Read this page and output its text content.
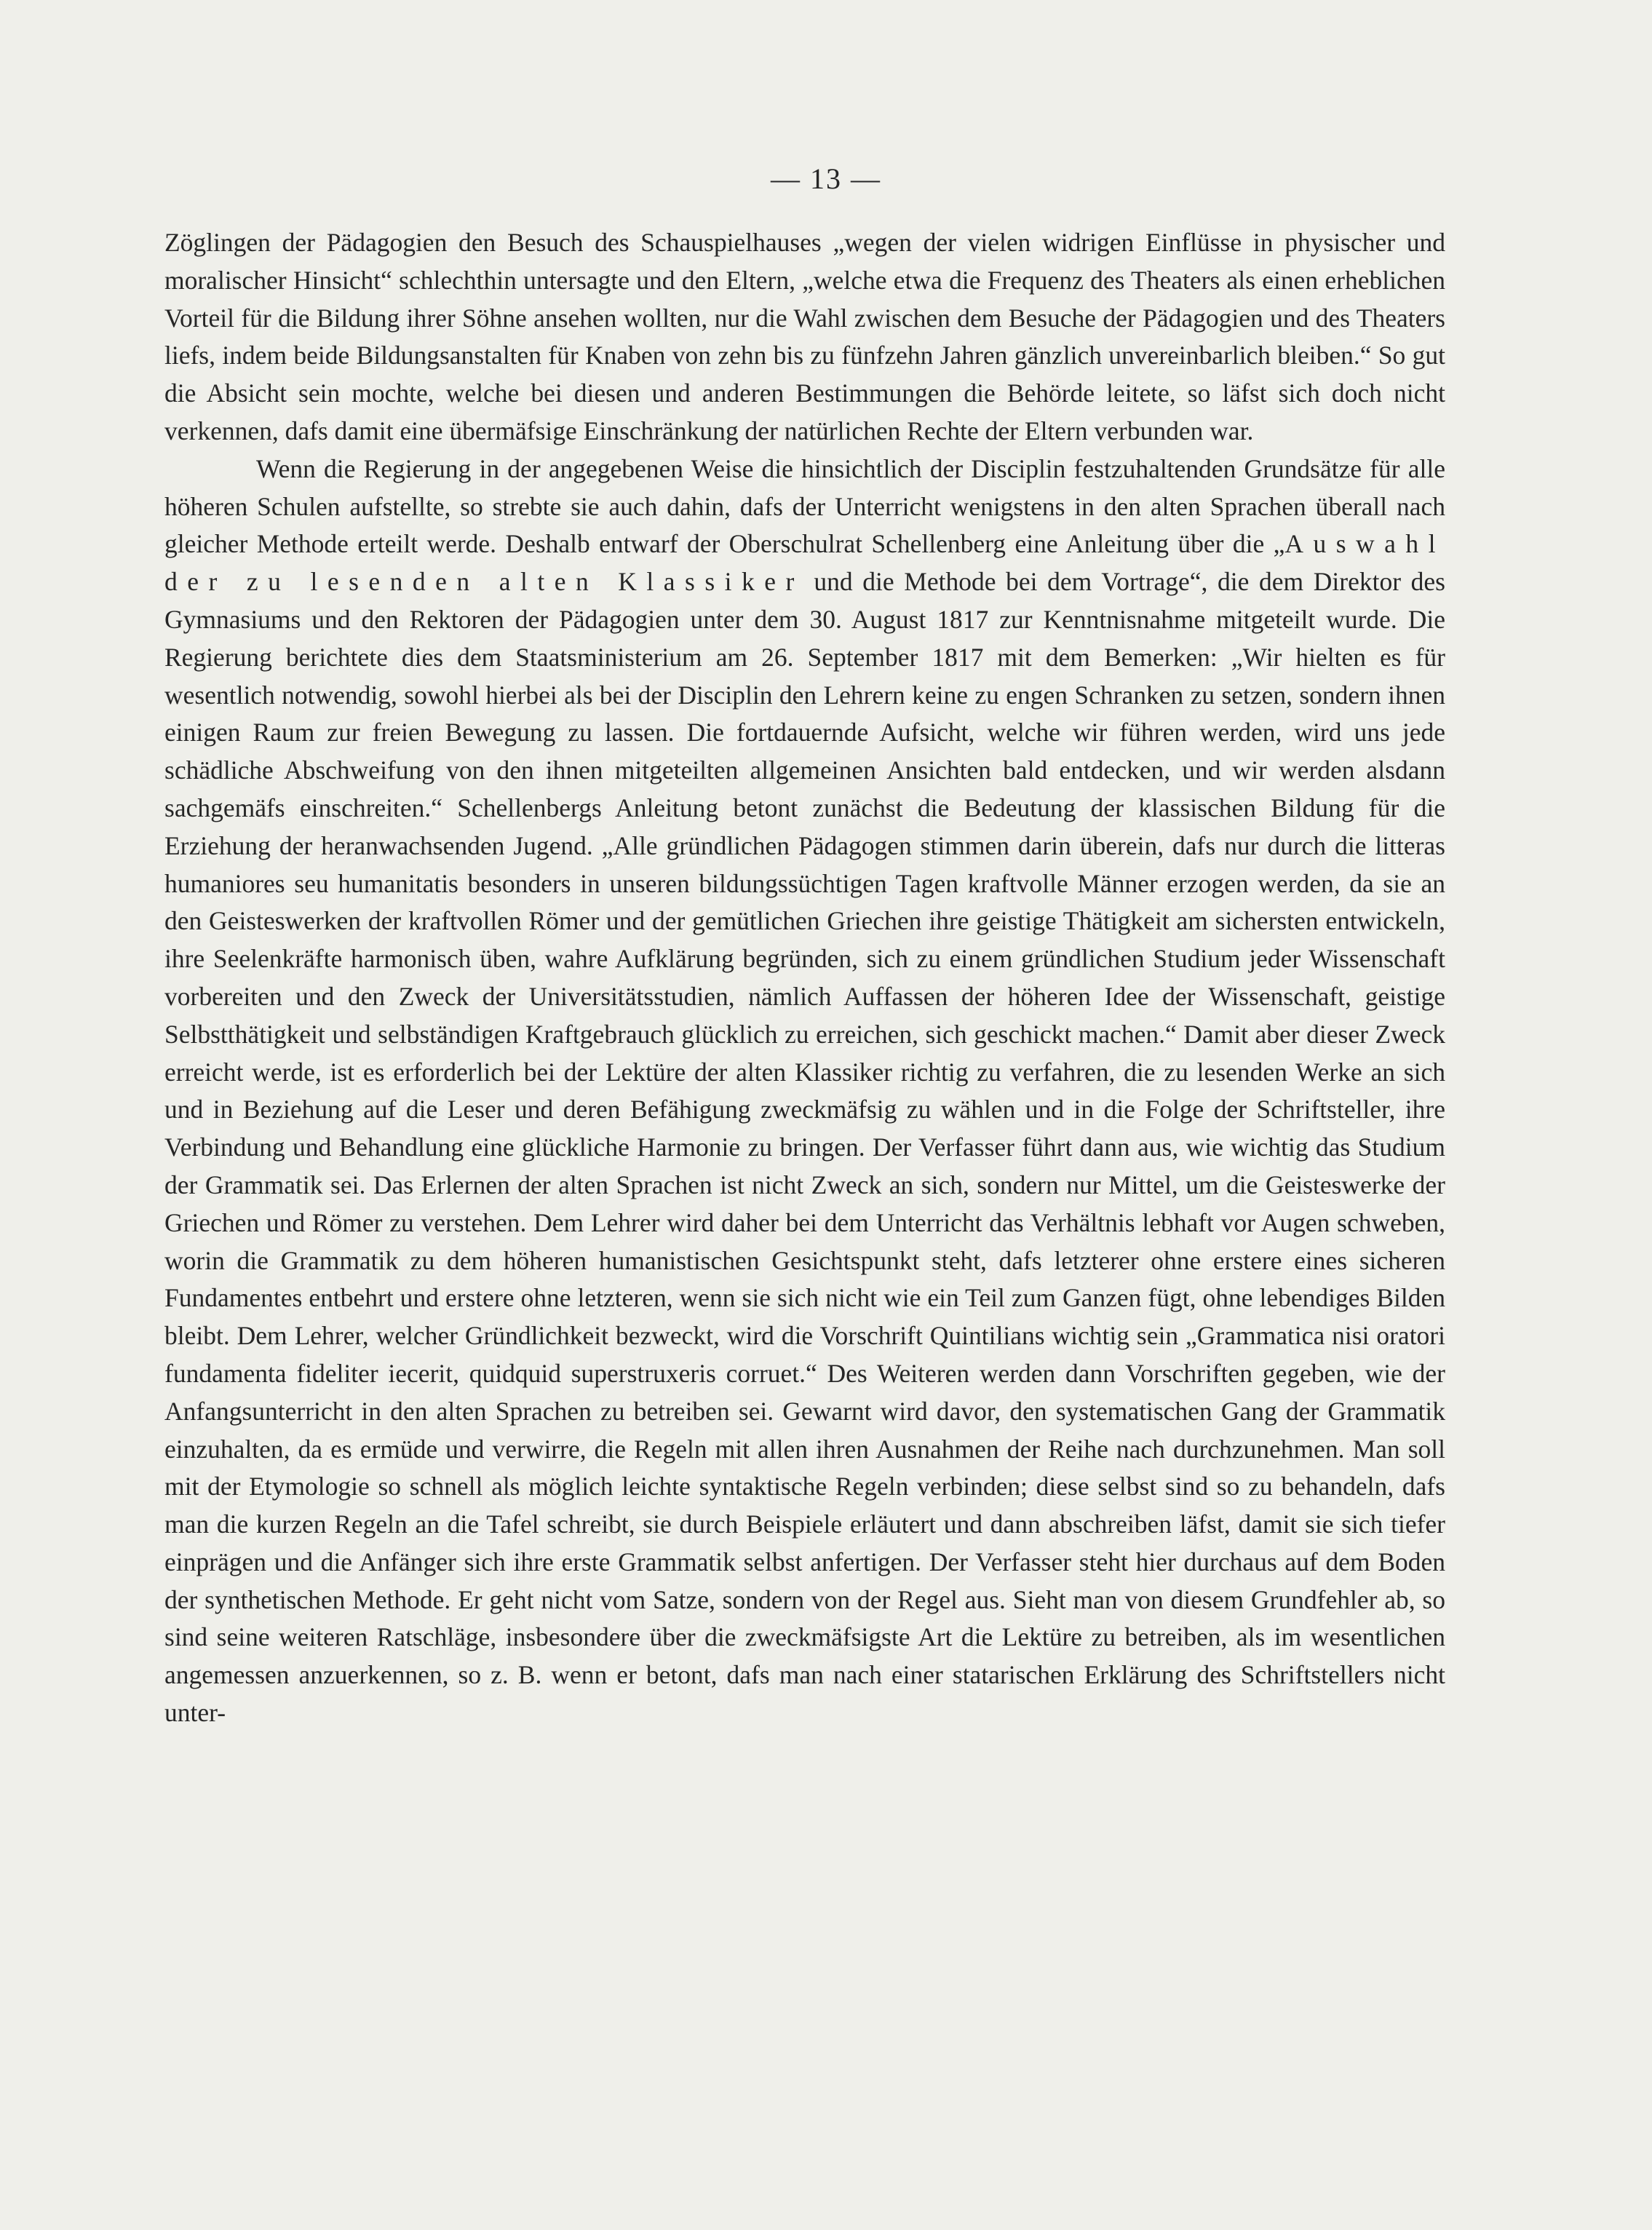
— 13 —

Zöglingen der Pädagogien den Besuch des Schauspielhauses „wegen der vielen widrigen Einflüsse in physischer und moralischer Hinsicht“ schlechthin untersagte und den Eltern, „welche etwa die Frequenz des Theaters als einen erheblichen Vorteil für die Bildung ihrer Söhne ansehen wollten, nur die Wahl zwischen dem Besuche der Pädagogien und des Theaters liefs, indem beide Bildungsanstalten für Knaben von zehn bis zu fünfzehn Jahren gänzlich unvereinbarlich bleiben.“ So gut die Absicht sein mochte, welche bei diesen und anderen Bestimmungen die Behörde leitete, so läfst sich doch nicht verkennen, dafs damit eine übermäfsige Einschränkung der natürlichen Rechte der Eltern verbunden war.

Wenn die Regierung in der angegebenen Weise die hinsichtlich der Disciplin festzuhaltenden Grundsätze für alle höheren Schulen aufstellte, so strebte sie auch dahin, dafs der Unterricht wenigstens in den alten Sprachen überall nach gleicher Methode erteilt werde. Deshalb entwarf der Oberschulrat Schellenberg eine Anleitung über die „Auswahl der zu lesenden alten Klassiker und die Methode bei dem Vortrage“, die dem Direktor des Gymnasiums und den Rektoren der Pädagogien unter dem 30. August 1817 zur Kenntnisnahme mitgeteilt wurde. Die Regierung berichtete dies dem Staatsministerium am 26. September 1817 mit dem Bemerken: „Wir hielten es für wesentlich notwendig, sowohl hierbei als bei der Disciplin den Lehrern keine zu engen Schranken zu setzen, sondern ihnen einigen Raum zur freien Bewegung zu lassen. Die fortdauernde Aufsicht, welche wir führen werden, wird uns jede schädliche Abschweifung von den ihnen mitgeteilten allgemeinen Ansichten bald entdecken, und wir werden alsdann sachgemäfs einschreiten.“ Schellenbergs Anleitung betont zunächst die Bedeutung der klassischen Bildung für die Erziehung der heranwachsenden Jugend. „Alle gründlichen Pädagogen stimmen darin überein, dafs nur durch die litteras humaniores seu humanitatis besonders in unseren bildungssüchtigen Tagen kraftvolle Männer erzogen werden, da sie an den Geisteswerken der kraftvollen Römer und der gemütlichen Griechen ihre geistige Thätigkeit am sichersten entwickeln, ihre Seelenkräfte harmonisch üben, wahre Aufklärung begründen, sich zu einem gründlichen Studium jeder Wissenschaft vorbereiten und den Zweck der Universitätsstudien, nämlich Auffassen der höheren Idee der Wissenschaft, geistige Selbstthätigkeit und selbständigen Kraftgebrauch glücklich zu erreichen, sich geschickt machen.“ Damit aber dieser Zweck erreicht werde, ist es erforderlich bei der Lektüre der alten Klassiker richtig zu verfahren, die zu lesenden Werke an sich und in Beziehung auf die Leser und deren Befähigung zweckmäfsig zu wählen und in die Folge der Schriftsteller, ihre Verbindung und Behandlung eine glückliche Harmonie zu bringen. Der Verfasser führt dann aus, wie wichtig das Studium der Grammatik sei. Das Erlernen der alten Sprachen ist nicht Zweck an sich, sondern nur Mittel, um die Geisteswerke der Griechen und Römer zu verstehen. Dem Lehrer wird daher bei dem Unterricht das Verhältnis lebhaft vor Augen schweben, worin die Grammatik zu dem höheren humanistischen Gesichtspunkt steht, dafs letzterer ohne erstere eines sicheren Fundamentes entbehrt und erstere ohne letzteren, wenn sie sich nicht wie ein Teil zum Ganzen fügt, ohne lebendiges Bilden bleibt. Dem Lehrer, welcher Gründlichkeit bezweckt, wird die Vorschrift Quintilians wichtig sein „Grammatica nisi oratori fundamenta fideliter iecerit, quidquid superstruxeris corruet.“ Des Weiteren werden dann Vorschriften gegeben, wie der Anfangsunterricht in den alten Sprachen zu betreiben sei. Gewarnt wird davor, den systematischen Gang der Grammatik einzuhalten, da es ermüde und verwirre, die Regeln mit allen ihren Ausnahmen der Reihe nach durchzunehmen. Man soll mit der Etymologie so schnell als möglich leichte syntaktische Regeln verbinden; diese selbst sind so zu behandeln, dafs man die kurzen Regeln an die Tafel schreibt, sie durch Beispiele erläutert und dann abschreiben läfst, damit sie sich tiefer einprägen und die Anfänger sich ihre erste Grammatik selbst anfertigen. Der Verfasser steht hier durchaus auf dem Boden der synthetischen Methode. Er geht nicht vom Satze, sondern von der Regel aus. Sieht man von diesem Grundfehler ab, so sind seine weiteren Ratschläge, insbesondere über die zweckmäfsigste Art die Lektüre zu betreiben, als im wesentlichen angemessen anzuerkennen, so z. B. wenn er betont, dafs man nach einer statarischen Erklärung des Schriftstellers nicht unter-
